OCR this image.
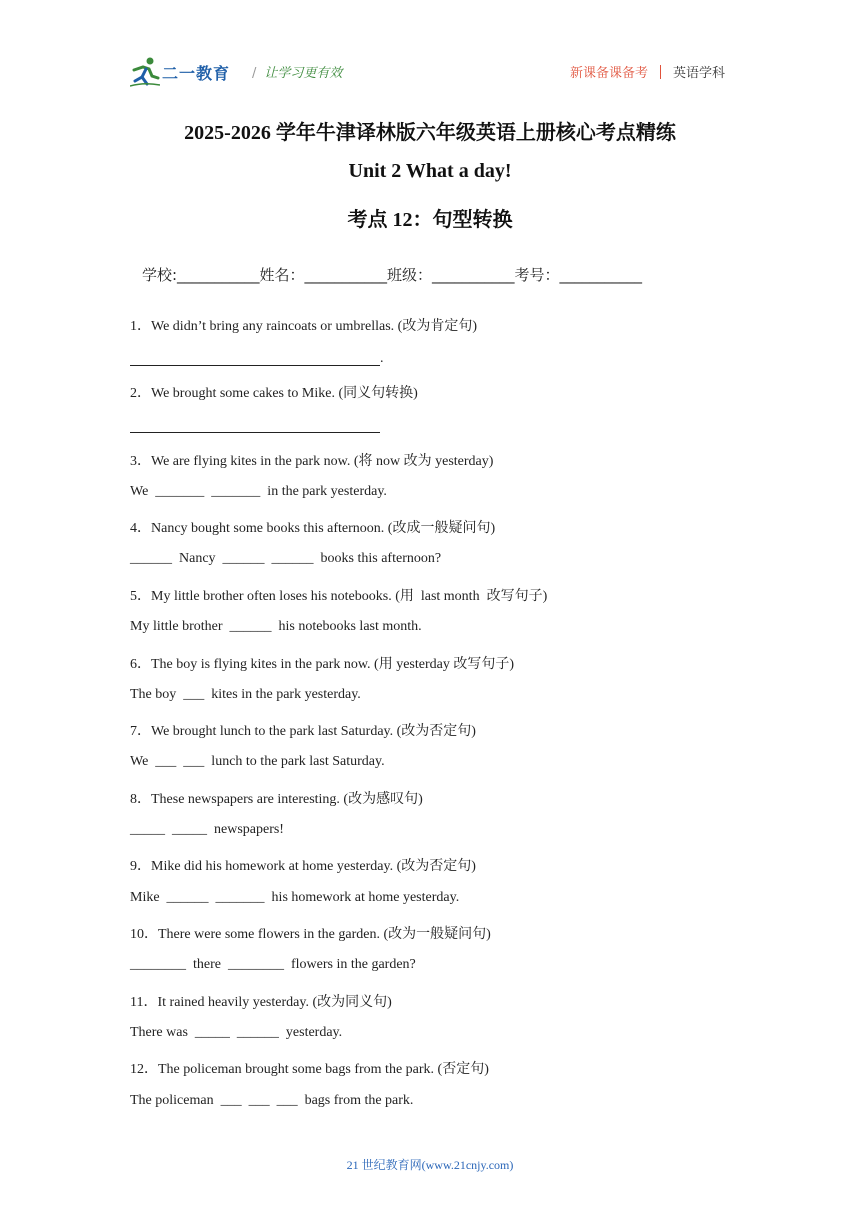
二一教育 / 让学习更有效	新课备课备考 英语学科
2025-2026 学年牛津译林版六年级英语上册核心考点精练
Unit 2 What a day!
考点 12：句型转换
学校:___________姓名：___________班级：___________考号：___________
1．We didn’t bring any raincoats or umbrellas. (改为肯定句)
.
2．We brought some cakes to Mike. (同义句转换)
3．We are flying kites in the park now. (将 now 改为 yesterday)
We  _______  _______  in the park yesterday.
4．Nancy bought some books this afternoon. (改成一般疑问句)
______  Nancy  ______  ______  books this afternoon?
5．My little brother often loses his notebooks. (用  last month  改写句子)
My little brother  ______  his notebooks last month.
6．The boy is flying kites in the park now. (用 yesterday 改写句子)
The boy  ___  kites in the park yesterday.
7．We brought lunch to the park last Saturday. (改为否定句)
We  ___  ___  lunch to the park last Saturday.
8．These newspapers are interesting. (改为感叹句)
_____  _____  newspapers!
9．Mike did his homework at home yesterday. (改为否定句)
Mike  ______  _______  his homework at home yesterday.
10．There were some flowers in the garden. (改为一般疑问句)
________  there  ________  flowers in the garden?
11．It rained heavily yesterday. (改为同义句)
There was  _____  ______  yesterday.
12．The policeman brought some bags from the park. (否定句)
The policeman  ___  ___  ___  bags from the park.
21 世纪教育网(www.21cnjy.com)
